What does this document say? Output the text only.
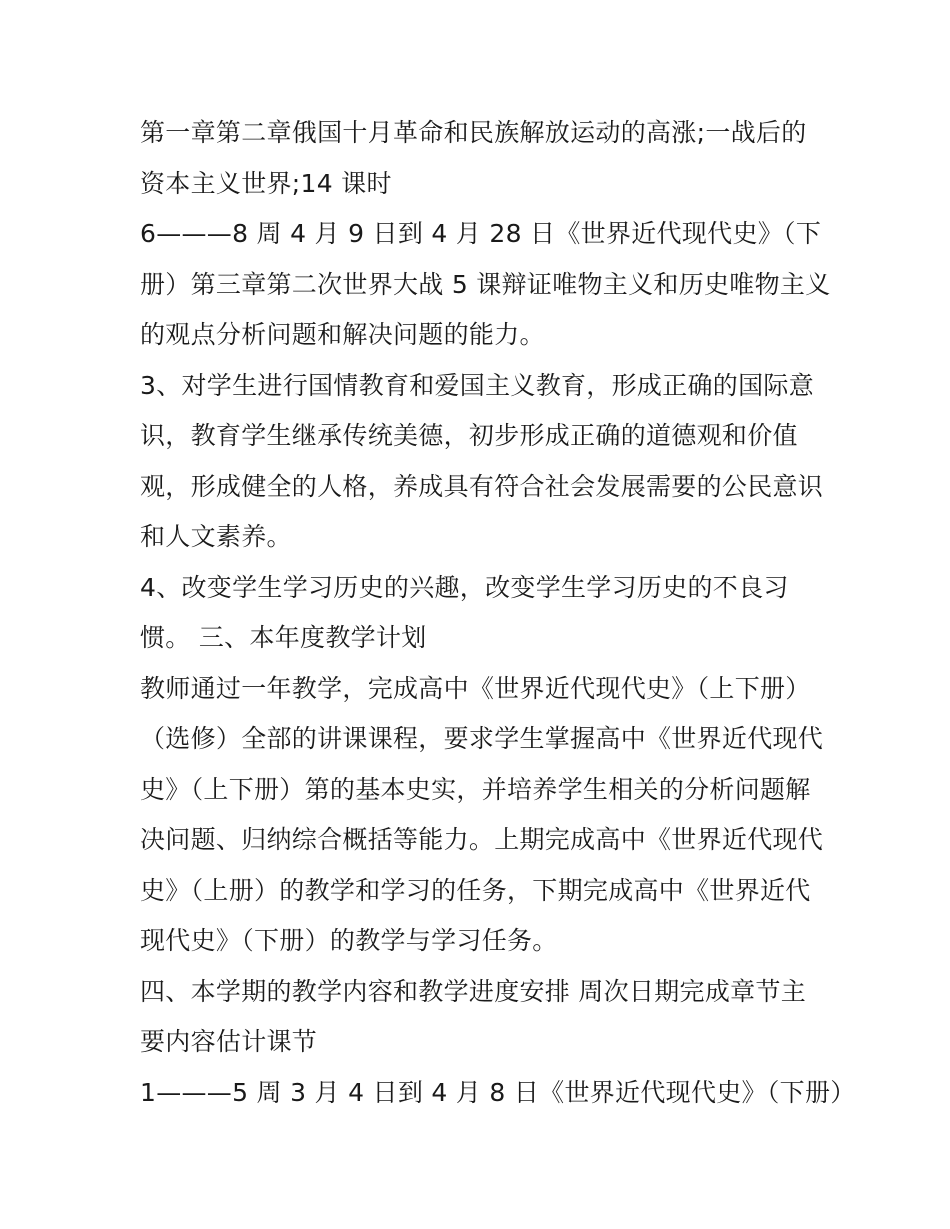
第一章第二章俄国十月革命和民族解放运动的高涨;一战后的
资本主义世界;14 课时
6———8 周 4 月 9 日到 4 月 28 日《世界近代现代史》（下
册）第三章第二次世界大战 5 课辩证唯物主义和历史唯物主义
的观点分析问题和解决问题的能力。
3、对学生进行国情教育和爱国主义教育，形成正确的国际意
识，教育学生继承传统美德，初步形成正确的道德观和价值
观，形成健全的人格，养成具有符合社会发展需要的公民意识
和人文素养。
4、改变学生学习历史的兴趣，改变学生学习历史的不良习
惯。 三、本年度教学计划
教师通过一年教学，完成高中《世界近代现代史》（上下册）
（选修）全部的讲课课程，要求学生掌握高中《世界近代现代
史》（上下册）第的基本史实，并培养学生相关的分析问题解
决问题、归纳综合概括等能力。上期完成高中《世界近代现代
史》（上册）的教学和学习的任务，下期完成高中《世界近代
现代史》（下册）的教学与学习任务。
四、本学期的教学内容和教学进度安排 周次日期完成章节主
要内容估计课节
1———5 周 3 月 4 日到 4 月 8 日《世界近代现代史》（下册）
